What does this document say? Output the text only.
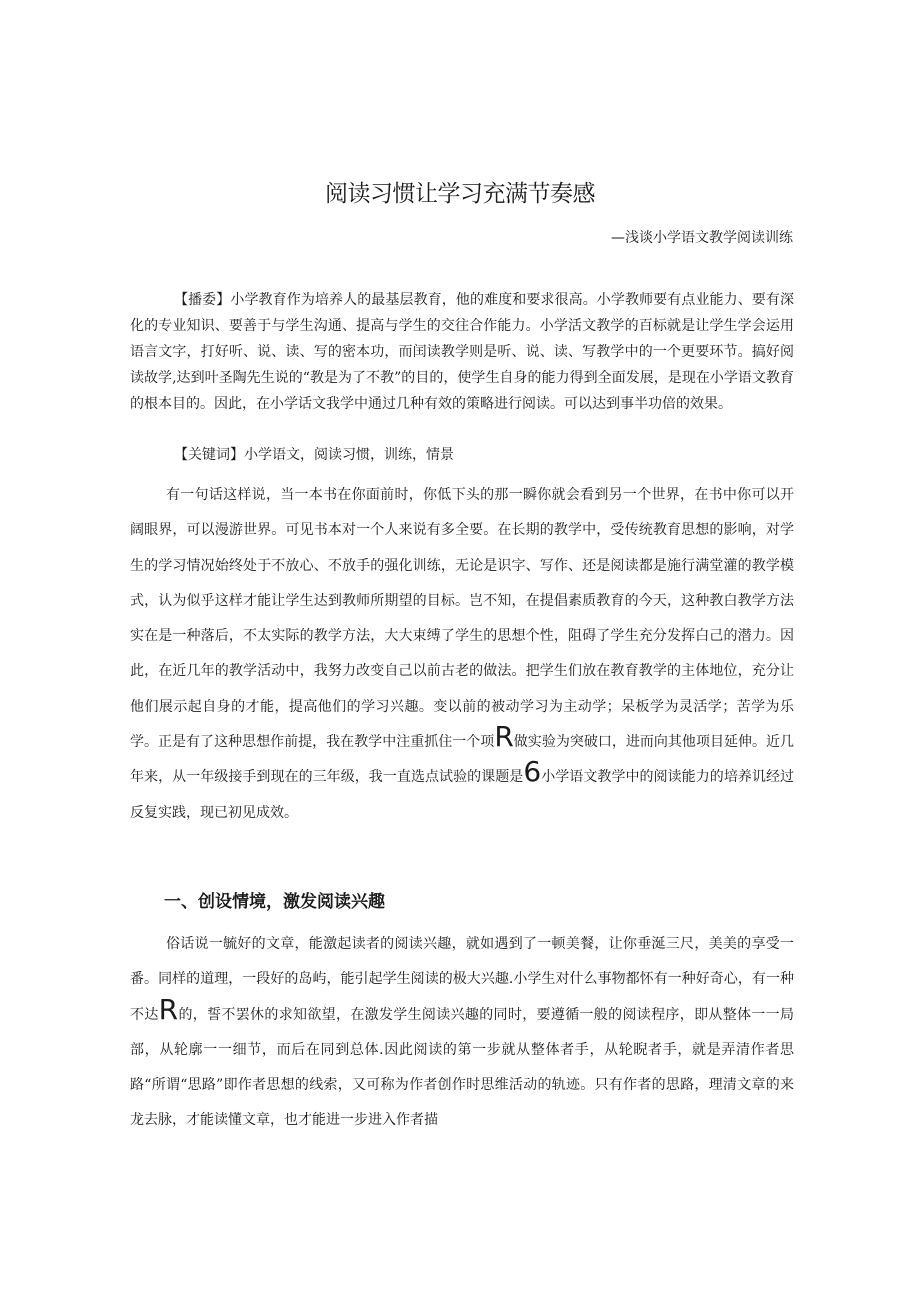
阅读习惯让学习充满节奏感

—浅谈小学语文教学阅读训练

【播委】小学教育作为培养人的最基层教育，他的难度和要求很高。小学教师要有点业能力、要有深化的专业知识、要善于与学生沟通、提高与学生的交往合作能力。小学活文教学的百标就是让学生学会运用语言文字，打好听、说、读、写的密本功，而闰读教学则是听、说、读、写教学中的一个更要环节。搞好阅读故学,达到叶圣陶先生说的“教是为了不教”的目的，使学生自身的能力得到全面发展，是现在小学语文教育的根本目的。因此，在小学话文我学中通过几种有效的策略进行阅读。可以达到事半功倍的效果。

【关键词】小学语文，阅读习惯，训练，情景

有一句话这样说，当一本书在你面前时，你低下头的那一瞬你就会看到另一个世界，在书中你可以开阔眼界，可以漫游世界。可见书本对一个人来说有多全要。在长期的教学中，受传统教育思想的影响，对学生的学习情况始终处于不放心、不放手的强化训练，无论是识字、写作、还是阅读都是施行满堂灌的教学模式，认为似乎这样才能让学生达到教师所期望的目标。岂不知，在提倡素质教育的今天，这种教白教学方法实在是一种落后，不太实际的教学方法，大大束缚了学生的思想个性，阻碍了学生充分发挥白己的潜力。因此，在近几年的教学活动中，我努力改变自己以前古老的做法。把学生们放在教育教学的主体地位，充分让他们展示起自身的才能，提高他们的学习兴趣。变以前的被动学习为主动学；呆板学为灵活学；苦学为乐学。正是有了这种思想作前提，我在教学中注重抓住一个项R做实验为突破口，进而向其他项目延伸。近几年来，从一年级接手到现在的三年级，我一直选点试验的课题是6小学语文教学中的阅读能力的培养讥经过反复实践，现已初见成效。

一、创设情境，激发阅读兴趣

俗话说一毓好的文章，能激起读者的阅读兴趣，就如遇到了一顿美餐，让你垂涎三尺，美美的享受一番。同样的道理，一段好的岛屿，能引起学生阅读的极大兴趣.小学生对什么事物都怀有一种好奇心，有一种不达R的，誓不罢休的求知欲望，在激发学生阅读兴趣的同时，要遵循一般的阅读程序，即从整体一一局部，从轮廓一一细节，而后在同到总体.因此阅读的第一步就从整体者手，从轮睨者手，就是弄清作者思路“所谓“思路”即作者思想的线索，又可称为作者创作时思维活动的轨迹。只有作者的思路，理清文章的来龙去脉，才能读懂文章，也才能进一步进入作者描
